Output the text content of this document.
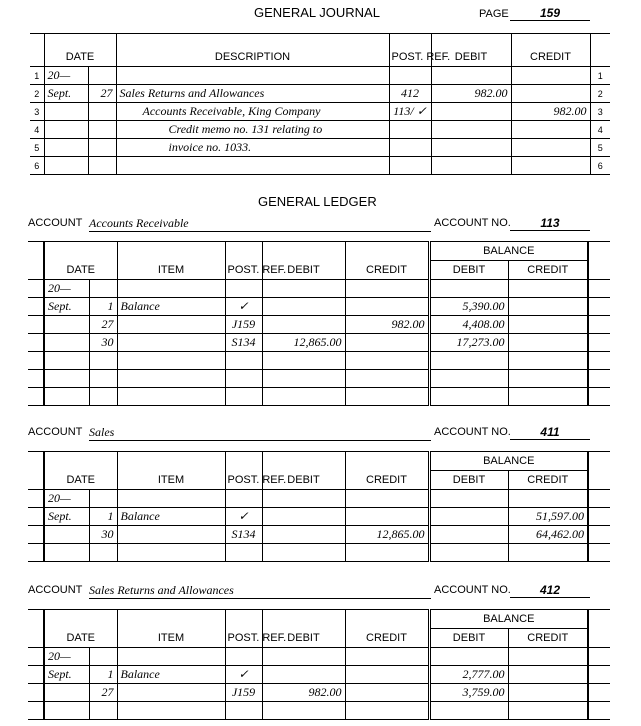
GENERAL JOURNAL	PAGE	159
	DATE		DESCRIPTION	POST. REF.	DEBIT	CREDIT	
1	20—						1
2	Sept.	27	Sales Returns and Allowances	412	982.00		2
3			Accounts Receivable, King Company	113/ ✓		982.00	3
4			Credit memo no. 131 relating to				4
5			invoice no. 1033.				5
6							6
GENERAL LEDGER
ACCOUNT Accounts Receivable	ACCOUNT NO.	113
	DATE		ITEM	POST. REF.	DEBIT	CREDIT	BALANCE		
							DEBIT	CREDIT	
	20—								
	Sept.	1	Balance	✓			5,390.00		
		27		J159		982.00	4,408.00		
		30		S134	12,865.00		17,273.00		

ACCOUNT Sales	ACCOUNT NO.	411
	DATE		ITEM	POST. REF.	DEBIT	CREDIT	BALANCE		
							DEBIT	CREDIT	
	20—								
	Sept.	1	Balance	✓				51,597.00	
		30		S134		12,865.00		64,462.00	

ACCOUNT Sales Returns and Allowances	ACCOUNT NO.	412
	DATE		ITEM	POST. REF.	DEBIT	CREDIT	BALANCE		
							DEBIT	CREDIT	
	20—								
	Sept.	1	Balance	✓			2,777.00		
		27		J159	982.00		3,759.00		
